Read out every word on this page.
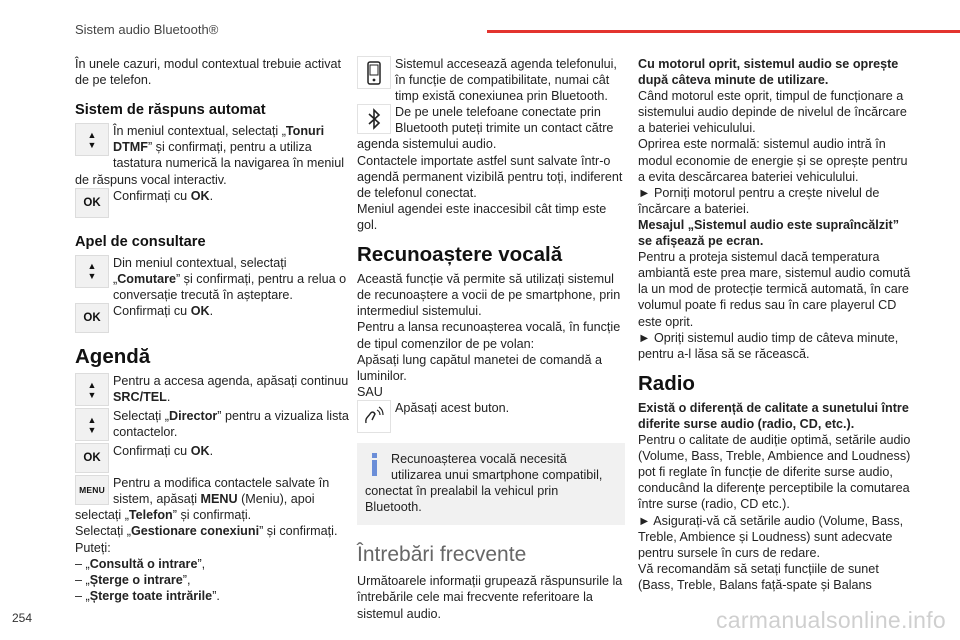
Sistem audio Bluetooth®

În unele cazuri, modul contextual trebuie activat de pe telefon.

Sistem de răspuns automat
▲
▼
În meniul contextual, selectați „Tonuri DTMF” și confirmați, pentru a utiliza tastatura numerică la navigarea în meniul de răspuns vocal interactiv.
OK Confirmați cu OK.
Apel de consultare
▲
▼
Din meniul contextual, selectați „Comutare” și confirmați, pentru a relua o conversație trecută în așteptare.
OK Confirmați cu OK.
Agendă
▲
▼
Pentru a accesa agenda, apăsați continuu SRC/TEL.
▲
▼
Selectați „Director” pentru a vizualiza lista contactelor.
OK Confirmați cu OK.
MENU Pentru a modifica contactele salvate în sistem, apăsați MENU (Meniu), apoi selectați „Telefon” și confirmați.

Selectați „Gestionare conexiuni” și confirmați.

Puteți:

– „Consultă o intrare”,

– „Șterge o intrare”,

– „Șterge toate intrările”.

Sistemul accesează agenda telefonului, în funcție de compatibilitate, numai cât timp există conexiunea prin Bluetooth.
De pe unele telefoane conectate prin Bluetooth puteți trimite un contact către agenda sistemului audio.

Contactele importate astfel sunt salvate într-o agendă permanent vizibilă pentru toți, indiferent de telefonul conectat.

Meniul agendei este inaccesibil cât timp este gol.

Recunoaștere vocală

Această funcție vă permite să utilizați sistemul de recunoaștere a vocii de pe smartphone, prin intermediul sistemului.

Pentru a lansa recunoașterea vocală, în funcție de tipul comenzilor de pe volan:

Apăsați lung capătul manetei de comandă a luminilor.

SAU

Apăsați acest buton.
Recunoașterea vocală necesită utilizarea unui smartphone compatibil, conectat în prealabil la vehicul prin Bluetooth.
Întrebări frecvente

Următoarele informații grupează răspunsurile la întrebările cele mai frecvente referitoare la sistemul audio.

Cu motorul oprit, sistemul audio se oprește după câteva minute de utilizare.

Când motorul este oprit, timpul de funcționare a sistemului audio depinde de nivelul de încărcare a bateriei vehiculului.

Oprirea este normală: sistemul audio intră în modul economie de energie și se oprește pentru a evita descărcarea bateriei vehiculului.

► Porniți motorul pentru a crește nivelul de încărcare a bateriei.

Mesajul „Sistemul audio este supraîncălzit” se afișează pe ecran.

Pentru a proteja sistemul dacă temperatura ambiantă este prea mare, sistemul audio comută la un mod de protecție termică automată, în care volumul poate fi redus sau în care playerul CD este oprit.

► Opriți sistemul audio timp de câteva minute, pentru a-l lăsa să se răcească.

Radio

Există o diferență de calitate a sunetului între diferite surse audio (radio, CD, etc.).

Pentru o calitate de audiție optimă, setările audio (Volume, Bass, Treble, Ambience and Loudness) pot fi reglate în funcție de diferite surse audio, conducând la diferențe perceptibile la comutarea între surse (radio, CD etc.).

► Asigurați-vă că setările audio (Volume, Bass, Treble, Ambience și Loudness) sunt adecvate pentru sursele în curs de redare.

Vă recomandăm să setați funcțiile de sunet (Bass, Treble, Balans față-spate și Balans

254	carmanualsonline.info
